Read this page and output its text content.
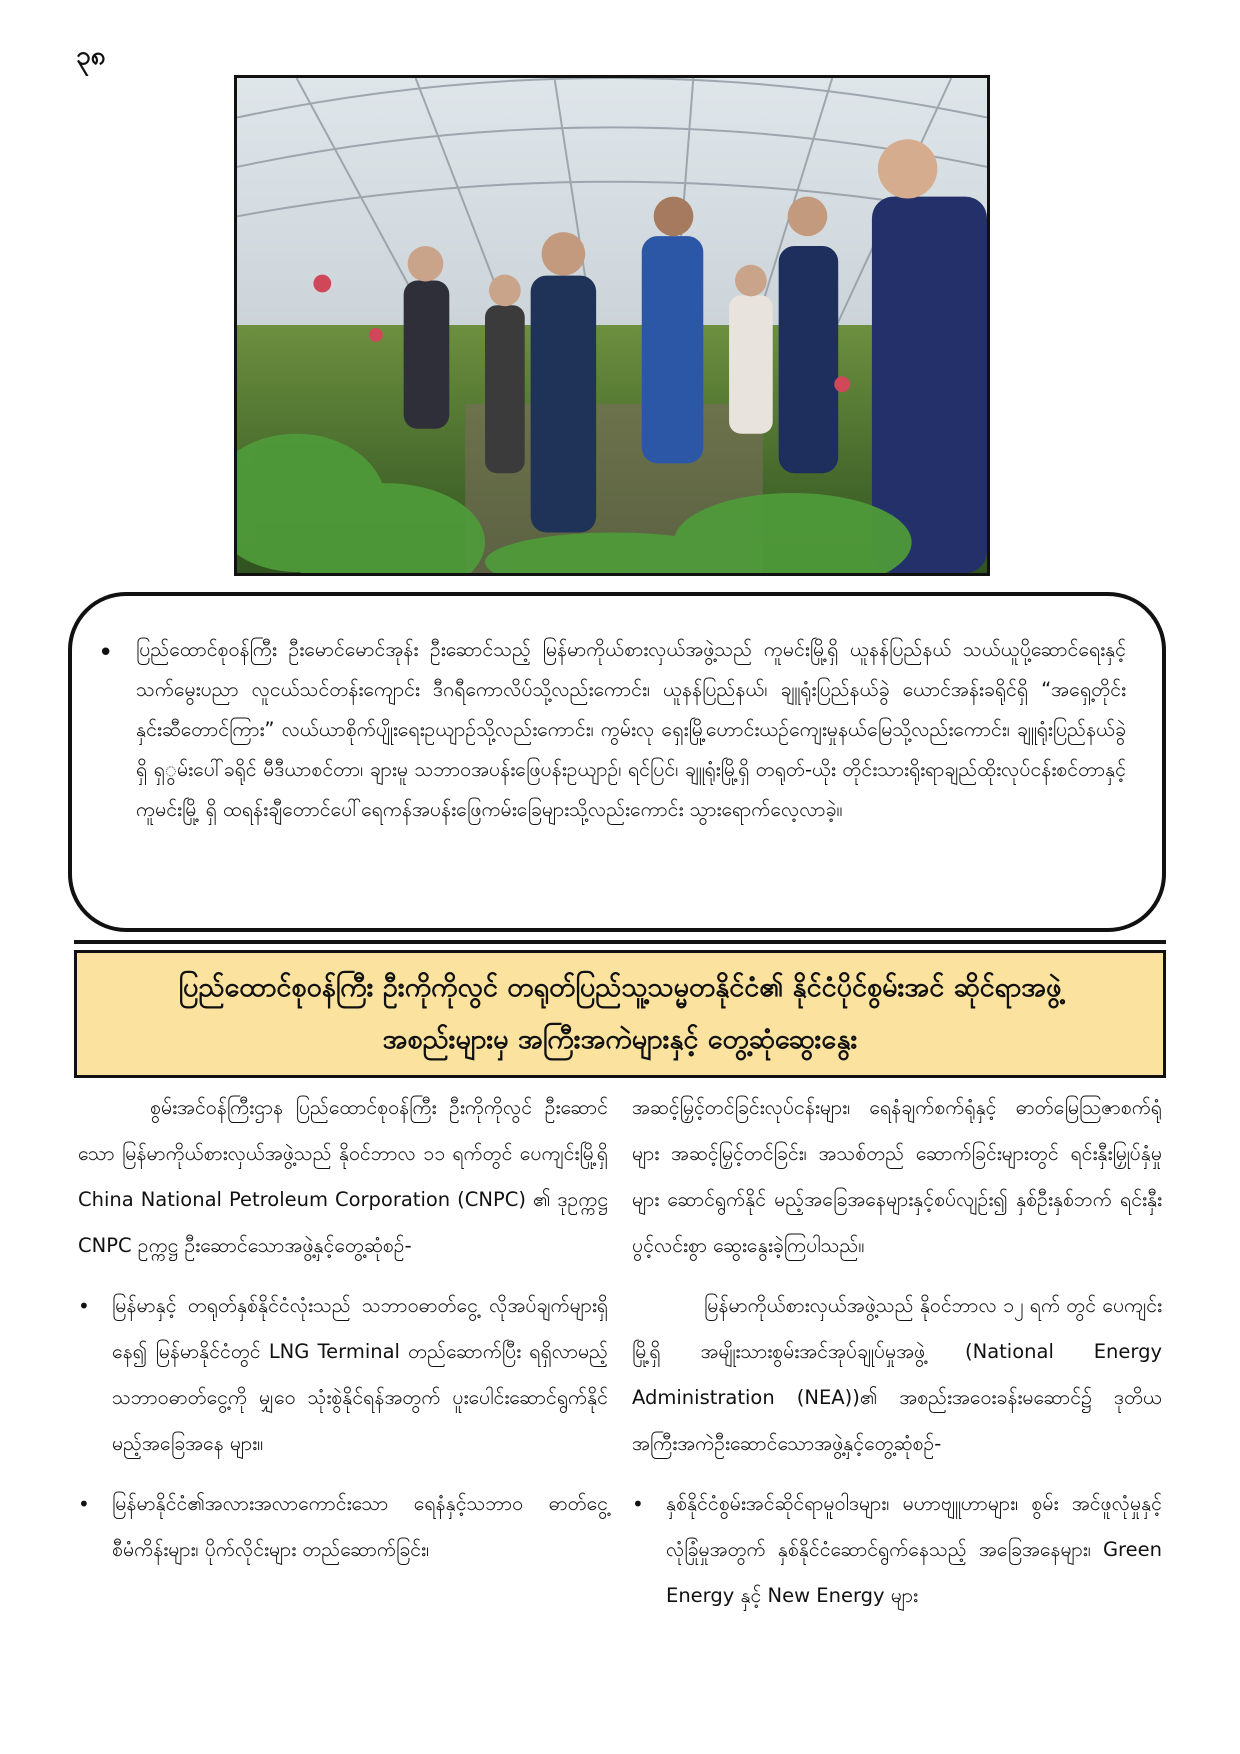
၃၈
• ပြည်ထောင်စုဝန်ကြီး ဦးမောင်မောင်အုန်း ဦးဆောင်သည့် မြန်မာကိုယ်စားလှယ်အဖွဲ့သည် ကူမင်းမြို့ရှိ ယူနန်ပြည်နယ် သယ်ယူပို့ဆောင်ရေးနှင့် သက်မွေးပညာ လူငယ်သင်တန်းကျောင်း ဒီဂရီကောလိပ်သို့လည်းကောင်း၊ ယူနန်ပြည်နယ်၊ ချူရုံးပြည်နယ်ခွဲ ယောင်အန်းခရိုင်ရှိ “အရှေ့တိုင်းနှင်းဆီတောင်ကြား” လယ်ယာစိုက်ပျိုးရေးဥယျာဉ်သို့လည်းကောင်း၊ ကွမ်းလု ရှေးမြို့ဟောင်းယဉ်ကျေးမှုနယ်မြေသို့လည်းကောင်း၊ ချူရုံးပြည်နယ်ခွဲရှိ ရှွမ်းပေါ်ခရိုင် မီဒီယာစင်တာ၊ ချားမူ သဘာဝအပန်းဖြေပန်းဥယျာဉ်၊ ရင်ပြင်၊ ချူရုံးမြို့ရှိ တရုတ်-ယိုး တိုင်းသားရိုးရာချည်ထိုးလုပ်ငန်းစင်တာနှင့် ကူမင်းမြို့ ရှိ ထရန်းချီတောင်ပေါ်ရေကန်အပန်းဖြေကမ်းခြေများသို့လည်းကောင်း သွားရောက်လေ့လာခဲ့။
ပြည်ထောင်စုဝန်ကြီး ဦးကိုကိုလွင် တရုတ်ပြည်သူ့သမ္မတနိုင်ငံ၏ နိုင်ငံပိုင်စွမ်းအင် ဆိုင်ရာအဖွဲ့အစည်းများမှ အကြီးအကဲများနှင့် တွေ့ဆုံဆွေးနွေး

စွမ်းအင်ဝန်ကြီးဌာန ပြည်ထောင်စုဝန်ကြီး ဦးကိုကိုလွင် ဦးဆောင်သော မြန်မာကိုယ်စားလှယ်အဖွဲ့သည် နိုဝင်ဘာလ ၁၁ ရက်တွင် ပေကျင်းမြို့ရှိ China National Petroleum Corporation (CNPC) ၏ ဒုဥက္ကဋ္ဌ CNPC ဥက္ကဋ္ဌ ဦးဆောင်သောအဖွဲ့နှင့်တွေ့ဆုံစဉ်-

• မြန်မာနှင့် တရုတ်နှစ်နိုင်ငံလုံးသည် သဘာဝဓာတ်ငွေ့ လိုအပ်ချက်များရှိနေ၍ မြန်မာနိုင်ငံတွင် LNG Terminal တည်ဆောက်ပြီး ရရှိလာမည့်သဘာဝဓာတ်ငွေ့ကို မျှဝေ သုံးစွဲနိုင်ရန်အတွက် ပူးပေါင်းဆောင်ရွက်နိုင်မည့်အခြေအနေ များ။
• မြန်မာနိုင်ငံ၏အလားအလာကောင်းသော ရေနံနှင့်သဘာဝ ဓာတ်ငွေ့စီမံကိန်းများ၊ ပိုက်လိုင်းများ တည်ဆောက်ခြင်း၊

အဆင့်မြှင့်တင်ခြင်းလုပ်ငန်းများ၊ ရေနံချက်စက်ရုံနှင့် ဓာတ်မြေဩဇာစက်ရုံများ အဆင့်မြှင့်တင်ခြင်း၊ အသစ်တည် ဆောက်ခြင်းများတွင် ရင်းနှီးမြှုပ်နှံမှုများ ဆောင်ရွက်နိုင် မည့်အခြေအနေများနှင့်စပ်လျဉ်း၍ နှစ်ဦးနှစ်ဘက် ရင်းနှီး ပွင့်လင်းစွာ ဆွေးနွေးခဲ့ကြပါသည်။

မြန်မာကိုယ်စားလှယ်အဖွဲ့သည် နိုဝင်ဘာလ ၁၂ ရက် တွင် ပေကျင်းမြို့ရှိ အမျိုးသားစွမ်းအင်အုပ်ချုပ်မှုအဖွဲ့ (National Energy Administration (NEA))၏ အစည်းအဝေးခန်းမဆောင်၌ ဒုတိယအကြီးအကဲဦးဆောင်သောအဖွဲ့နှင့်တွေ့ဆုံစဉ်-

• နှစ်နိုင်ငံစွမ်းအင်ဆိုင်ရာမူဝါဒများ၊ မဟာဗျူဟာများ၊ စွမ်း အင်ဖူလုံမှုနှင့် လုံခြုံမှုအတွက် နှစ်နိုင်ငံဆောင်ရွက်နေသည့် အခြေအနေများ၊ Green Energy နှင့် New Energy များ
